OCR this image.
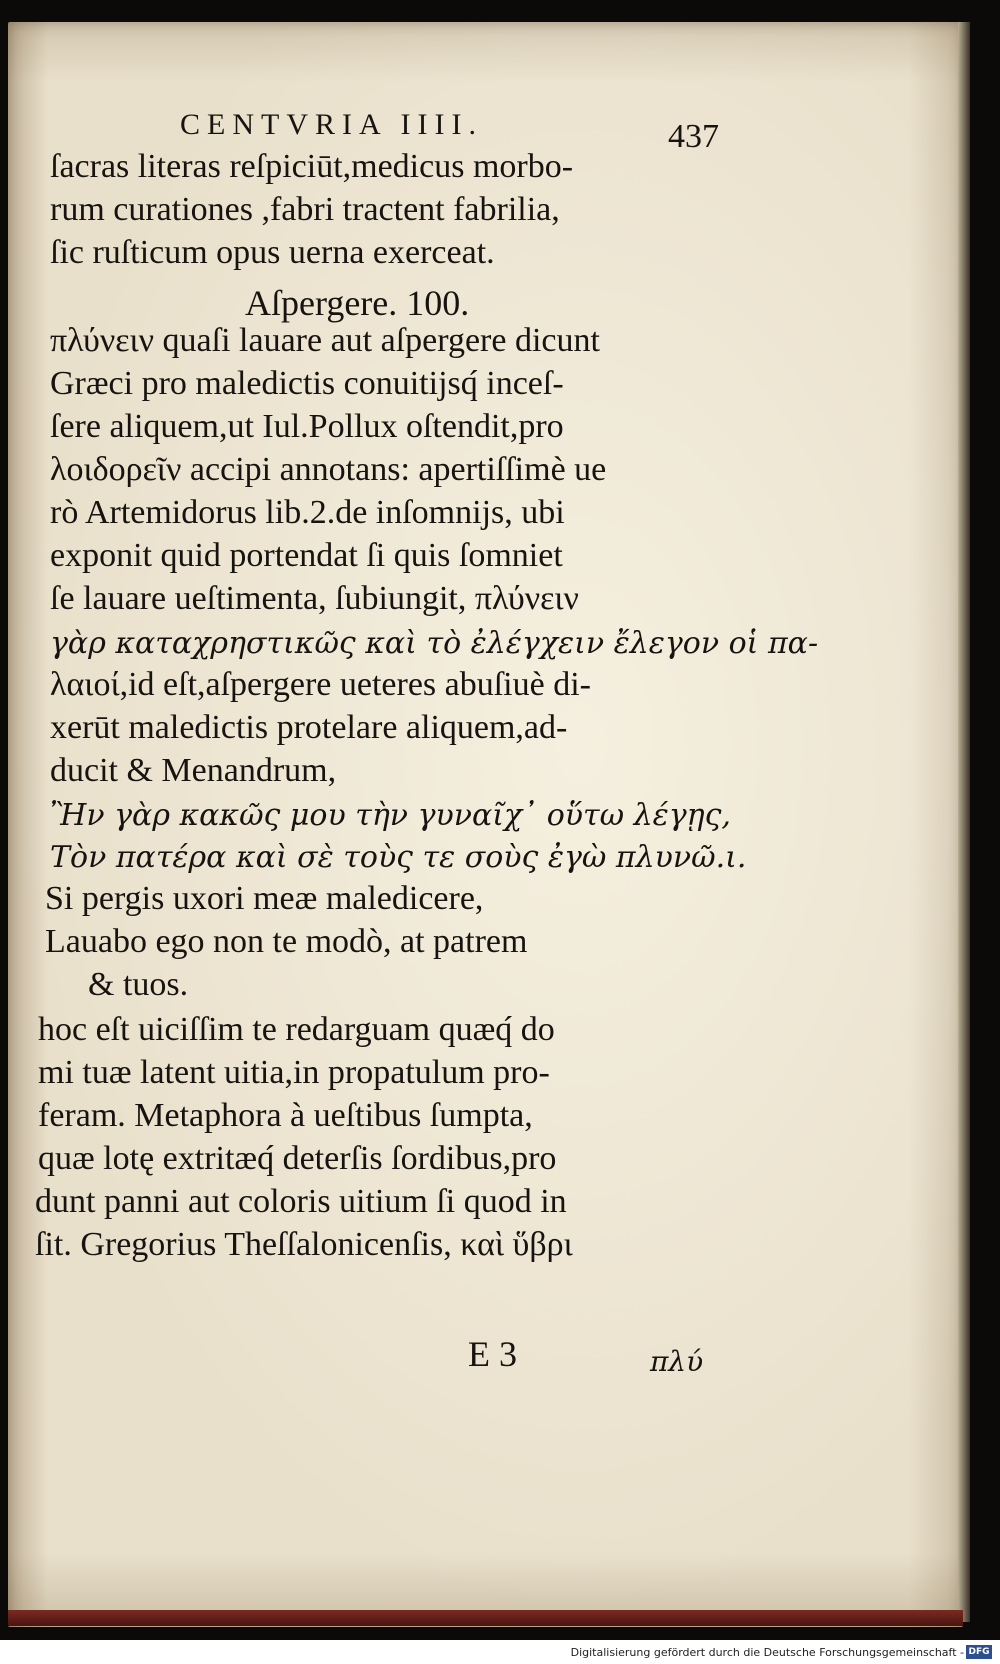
CENTVRIA IIII.	437
ſacras literas reſpiciūt,medicus morbo-
rum curationes ,fabri tractent fabrilia,
ſic ruſticum opus uerna exerceat.
Aſpergere. 100.
πλύνειν quaſi lauare aut aſpergere dicunt
Græci pro maledictis conuitijsq́ inceſ-
ſere aliquem,ut Iul.Pollux oſtendit,pro
λοιδορεῖν accipi annotans: apertiſſimè ue
rò Artemidorus lib.2.de inſomnijs, ubi
exponit quid portendat ſi quis ſomniet
ſe lauare ueſtimenta, ſubiungit, πλύνειν
γὰρ καταχρηστικῶς καὶ τὸ ἐλέγχειν ἔλεγον οἱ πα-
λαιοί,id eſt,aſpergere ueteres abuſiuè di-
xerūt maledictis protelare aliquem,ad-
ducit & Menandrum,
Ἢν γὰρ κακῶς μου τὴν γυναῖχ᾽ οὕτω λέγῃς,
Τὸν πατέρα καὶ σὲ τοὺς τε σοὺς ἐγὼ πλυνῶ.ι.
Si pergis uxori meæ maledicere,
Lauabo ego non te modò, at patrem
& tuos.
hoc eſt uiciſſim te redarguam quæq́ do
mi tuæ latent uitia,in propatulum pro-
feram. Metaphora à ueſtibus ſumpta,
quæ lotę extritæq́ deterſis ſordibus,pro
dunt panni aut coloris uitium ſi quod in
ſit. Gregorius Theſſalonicenſis, καὶ ὕβρι
E 3	πλύ
Digitalisierung gefördert durch die Deutsche Forschungsgemeinschaft - DFG
